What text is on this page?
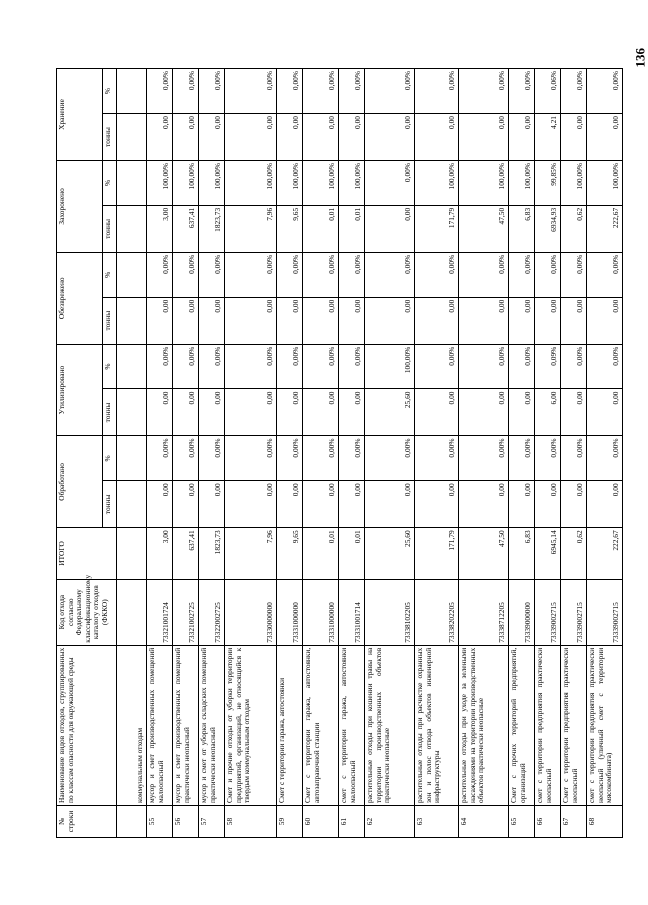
136
№ строки	Наименование видов отходов, сгруппированных по классам опасности для окружающей среды	Код отхода согласно Федеральному классификационному каталогу отходов (ФККО)	ИТОГО	Обработано		Утилизировано		Обезврежено		Захоронено		Хранение	
				тонны	%	тонны	%	тонны	%	тонны	%	тонны	%
	коммунальным отходам												
55	мусор и смет производственных помещений малоопасный	73321001724	3,00	0,00	0,00%	0,00	0,00%	0,00	0,00%	3,00	100,00%	0,00	0,00%
56	мусор и смет производственных помещений практически неопасный	73321002725	637,41	0,00	0,00%	0,00	0,00%	0,00	0,00%	637,41	100,00%	0,00	0,00%
57	мусор и смет от уборки складских помещений практически неопасный	73322002725	1823,73	0,00	0,00%	0,00	0,00%	0,00	0,00%	1823,73	100,00%	0,00	0,00%
58	Смет и прочие отходы от уборки территории предприятий, организаций, не относящийся к твердым коммунальным отходам	73330000000	7,96	0,00	0,00%	0,00	0,00%	0,00	0,00%	7,96	100,00%	0,00	0,00%
59	Смет с территории гаража, автостоянки	73331000000	9,65	0,00	0,00%	0,00	0,00%	0,00	0,00%	9,65	100,00%	0,00	0,00%
60	Смет с территории гаража, автостоянки, автозаправочной станции	73331000000	0,01	0,00	0,00%	0,00	0,00%	0,00	0,00%	0,01	100,00%	0,00	0,00%
61	смет с территории гаража, автостоянки малоопасный	73331001714	0,01	0,00	0,00%	0,00	0,00%	0,00	0,00%	0,01	100,00%	0,00	0,00%
62	растительные отходы при кошении травы на территории производственных объектов практически неопасные	73338102205	25,60	0,00	0,00%	25,60	100,00%	0,00	0,00%	0,00	0,00%	0,00	0,00%
63	растительные отходы при расчистке охранных зон и полос отвода объектов инженерной инфраструктуры	73338202205	171,79	0,00	0,00%	0,00	0,00%	0,00	0,00%	171,79	100,00%	0,00	0,00%
64	растительные отходы при уходе за зелеными насаждениями на территории производственных объектов практически неопасные	73338712205	47,50	0,00	0,00%	0,00	0,00%	0,00	0,00%	47,50	100,00%	0,00	0,00%
65	Смет с прочих территорий предприятий, организаций	73339000000	6,83	0,00	0,00%	0,00	0,00%	0,00	0,00%	6,83	100,00%	0,00	0,00%
66	смет с территории предприятия практически неопасный	73339002715	6945,14	0,00	0,00%	6,00	0,09%	0,00	0,00%	6934,93	99,85%	4,21	0,06%
67	Смет с территории предприятия практически неопасный	73339002715	0,62	0,00	0,00%	0,00	0,00%	0,00	0,00%	0,62	100,00%	0,00	0,00%
68	смет с территории предприятия практически неопасный (уличный смет с территории мясокомбината)	73339002715	222,67	0,00	0,00%	0,00	0,00%	0,00	0,00%	222,67	100,00%	0,00	0,00%
